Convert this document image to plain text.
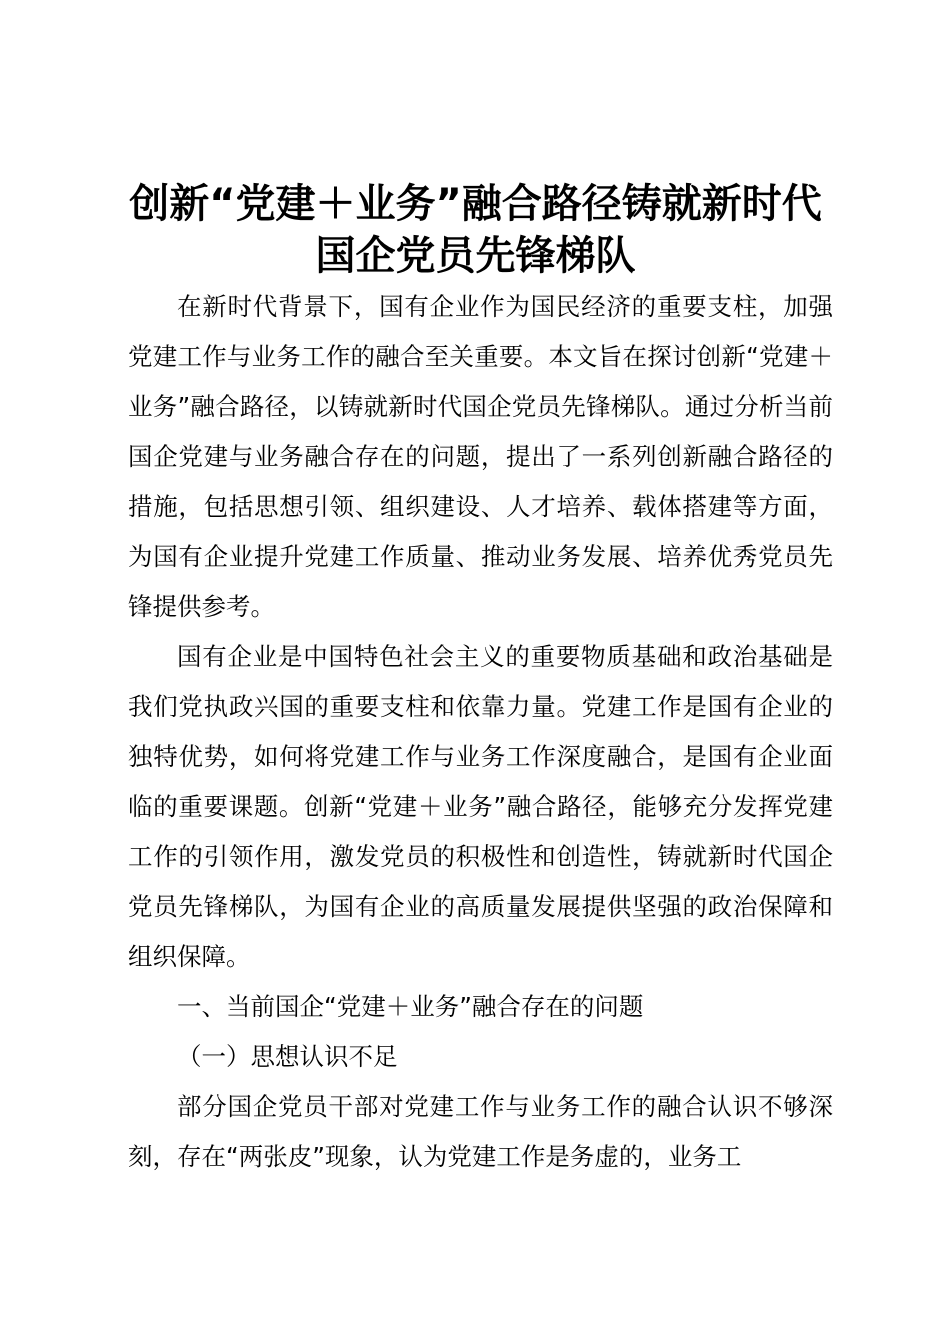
创新“党建＋业务”融合路径铸就新时代国企党员先锋梯队

在新时代背景下，国有企业作为国民经济的重要支柱，加强党建工作与业务工作的融合至关重要。本文旨在探讨创新“党建＋业务”融合路径，以铸就新时代国企党员先锋梯队。通过分析当前国企党建与业务融合存在的问题，提出了一系列创新融合路径的措施，包括思想引领、组织建设、人才培养、载体搭建等方面，为国有企业提升党建工作质量、推动业务发展、培养优秀党员先锋提供参考。

国有企业是中国特色社会主义的重要物质基础和政治基础是我们党执政兴国的重要支柱和依靠力量。党建工作是国有企业的独特优势，如何将党建工作与业务工作深度融合，是国有企业面临的重要课题。创新“党建＋业务”融合路径，能够充分发挥党建工作的引领作用，激发党员的积极性和创造性，铸就新时代国企党员先锋梯队，为国有企业的高质量发展提供坚强的政治保障和组织保障。

一、当前国企“党建＋业务”融合存在的问题

（一）思想认识不足

部分国企党员干部对党建工作与业务工作的融合认识不够深刻，存在“两张皮”现象，认为党建工作是务虚的，业务工
